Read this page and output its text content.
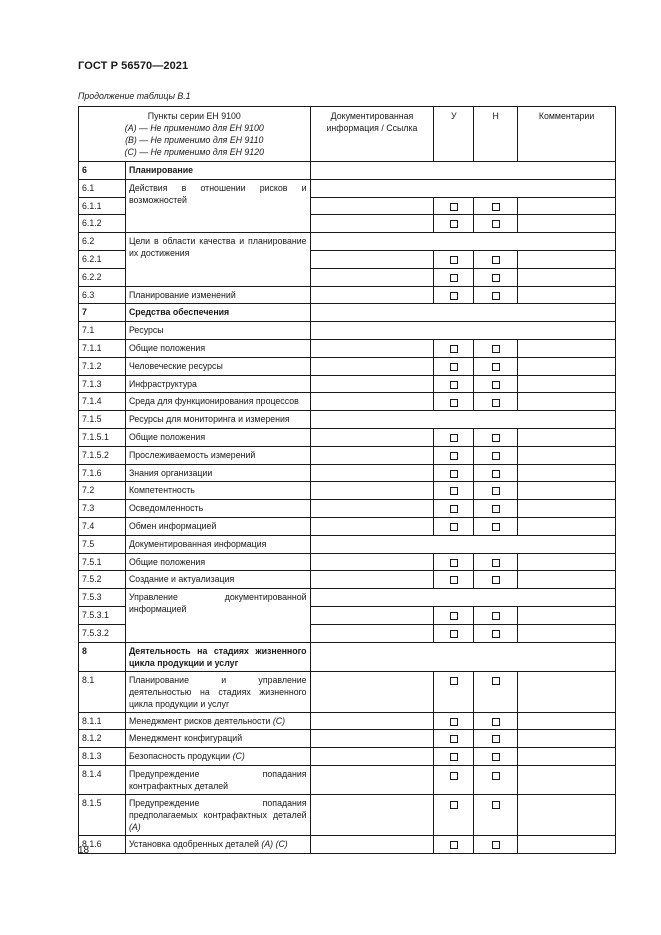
ГОСТ Р 56570—2021
Продолжение таблицы В.1
Пункты серии ЕН 9100
(А) — Не применимо для ЕН 9100
(В) — Не применимо для ЕН 9110
(С) — Не применимо для ЕН 9120		Документированная информация / Ссылка	У	Н	Комментарии
6	Планирование				
6.1	Действия в отношении рисков и возможностей				
6.1.1					
6.1.2					
6.2	Цели в области качества и планирование их достижения				
6.2.1					
6.2.2					
6.3	Планирование изменений				
7	Средства обеспечения				
7.1	Ресурсы				
7.1.1	Общие положения				
7.1.2	Человеческие ресурсы				
7.1.3	Инфраструктура				
7.1.4	Среда для функционирования процессов				
7.1.5	Ресурсы для мониторинга и измерения				
7.1.5.1	Общие положения				
7.1.5.2	Прослеживаемость измерений				
7.1.6	Знания организации				
7.2	Компетентность				
7.3	Осведомленность				
7.4	Обмен информацией				
7.5	Документированная информация				
7.5.1	Общие положения				
7.5.2	Создание и актуализация				
7.5.3	Управление документированной информацией				
7.5.3.1					
7.5.3.2					
8	Деятельность на стадиях жизненного цикла продукции и услуг				
8.1	Планирование и управление деятельностью на стадиях жизненного цикла продукции и услуг				
8.1.1	Менеджмент рисков деятельности (С)				
8.1.2	Менеджмент конфигураций				
8.1.3	Безопасность продукции (С)				
8.1.4	Предупреждение попадания контрафактных деталей				
8.1.5	Предупреждение попадания предполагаемых контрафактных деталей (А)				
8.1.6	Установка одобренных деталей (А) (С)				
18
